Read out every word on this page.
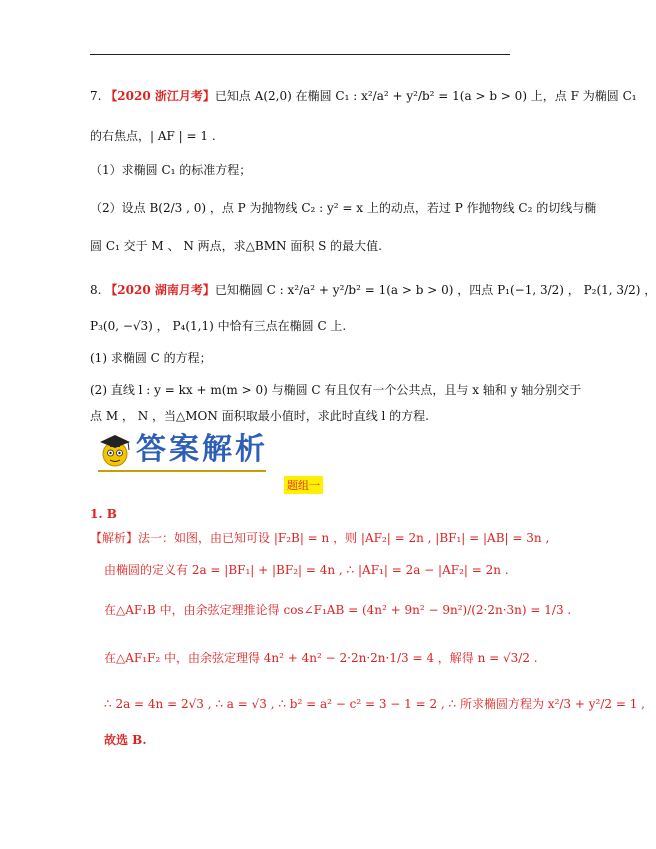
7. 【2020 浙江月考】已知点 A(2,0) 在椭圆 C₁ : x²/a² + y²/b² = 1(a > b > 0) 上，点 F 为椭圆 C₁
的右焦点，| AF | = 1 .
（1）求椭圆 C₁ 的标准方程；
（2）设点 B(2/3 , 0) ，点 P 为抛物线 C₂ : y² = x 上的动点，若过 P 作抛物线 C₂ 的切线与椭
圆 C₁ 交于 M 、 N 两点，求△BMN 面积 S 的最大值.
8. 【2020 湖南月考】已知椭圆 C : x²/a² + y²/b² = 1(a > b > 0) ，四点 P₁(−1, 3/2) ， P₂(1, 3/2) ，
P₃(0, −√3) ， P₄(1,1) 中恰有三点在椭圆 C 上.
(1) 求椭圆 C 的方程；
(2) 直线 l : y = kx + m(m > 0) 与椭圆 C 有且仅有一个公共点，且与 x 轴和 y 轴分别交于
点 M ， N ，当△MON 面积取最小值时，求此时直线 l 的方程.
答案解析
题组一
1. B
【解析】法一：如图，由已知可设 |F₂B| = n ，则 |AF₂| = 2n , |BF₁| = |AB| = 3n ,
由椭圆的定义有 2a = |BF₁| + |BF₂| = 4n , ∴ |AF₁| = 2a − |AF₂| = 2n .
在△AF₁B 中，由余弦定理推论得 cos∠F₁AB = (4n² + 9n² − 9n²)/(2·2n·3n) = 1/3 .
在△AF₁F₂ 中，由余弦定理得 4n² + 4n² − 2·2n·2n·1/3 = 4 ，解得 n = √3/2 .
∴ 2a = 4n = 2√3 , ∴ a = √3 , ∴ b² = a² − c² = 3 − 1 = 2 , ∴ 所求椭圆方程为 x²/3 + y²/2 = 1 ,
故选 B.
